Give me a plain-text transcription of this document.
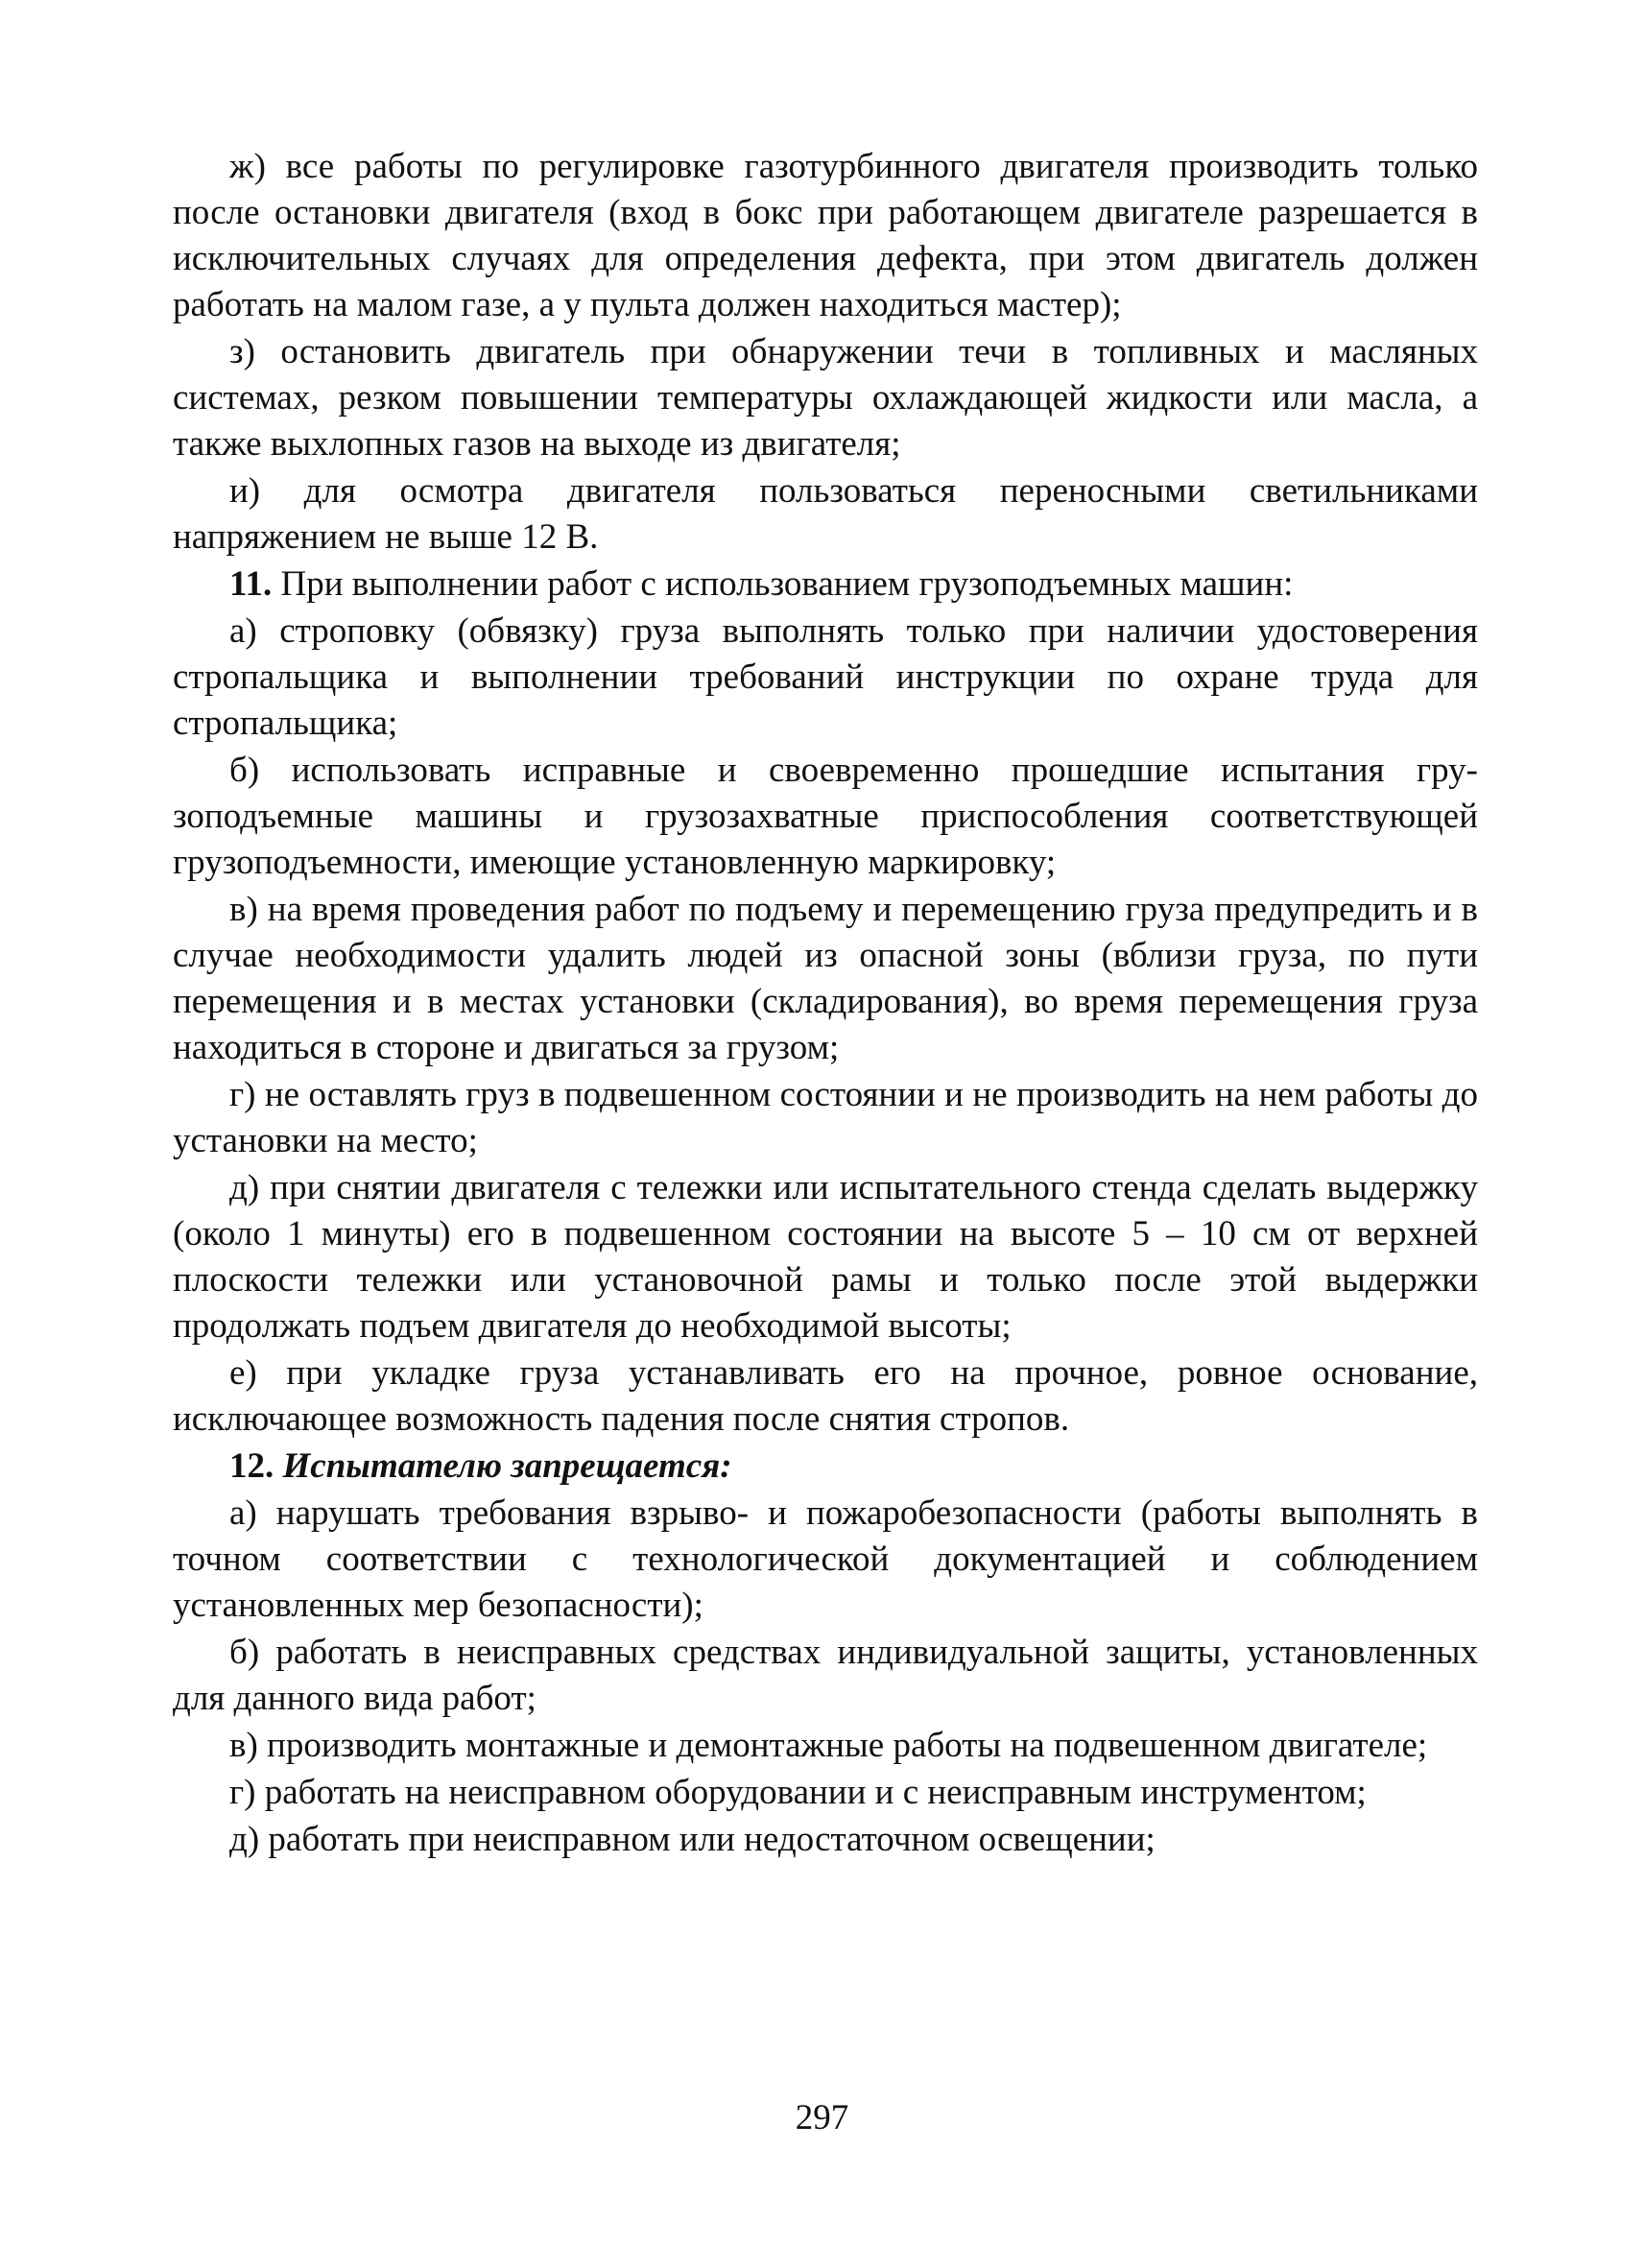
ж) все работы по регулировке газотурбинного двигателя производить только после остановки двигателя (вход в бокс при работающем двигателе разрешается в исключительных случаях для определения дефекта, при этом двигатель должен работать на малом газе, а у пульта должен находиться мастер);

з) остановить двигатель при обнаружении течи в топливных и масляных системах, резком повышении температуры охлаждающей жидкости или масла, а также выхлопных газов на выходе из двигателя;

и) для осмотра двигателя пользоваться переносными светильниками напряжением не выше 12 В.

11. При выполнении работ с использованием грузоподъемных машин:

а) строповку (обвязку) груза выполнять только при наличии удостоверения стропальщика и выполнении требований инструкции по охране труда для стропальщика;

б) использовать исправные и своевременно прошедшие испытания грузоподъемные машины и грузозахватные приспособления соответствующей грузоподъемности, имеющие установленную маркировку;

в) на время проведения работ по подъему и перемещению груза предупредить и в случае необходимости удалить людей из опасной зоны (вблизи груза, по пути перемещения и в местах установки (складирования), во время перемещения груза находиться в стороне и двигаться за грузом;

г) не оставлять груз в подвешенном состоянии и не производить на нем работы до установки на место;

д) при снятии двигателя с тележки или испытательного стенда сделать выдержку (около 1 минуты) его в подвешенном состоянии на высоте 5 – 10 см от верхней плоскости тележки или установочной рамы и только после этой выдержки продолжать подъем двигателя до необходимой высоты;

е) при укладке груза устанавливать его на прочное, ровное основание, исключающее возможность падения после снятия стропов.

12. Испытателю запрещается:

а) нарушать требования взрыво- и пожаробезопасности (работы выполнять в точном соответствии с технологической документацией и соблюдением установленных мер безопасности);

б) работать в неисправных средствах индивидуальной защиты, установленных для данного вида работ;

в) производить монтажные и демонтажные работы на подвешенном двигателе;

г) работать на неисправном оборудовании и с неисправным инструментом;

д) работать при неисправном или недостаточном освещении;

297
